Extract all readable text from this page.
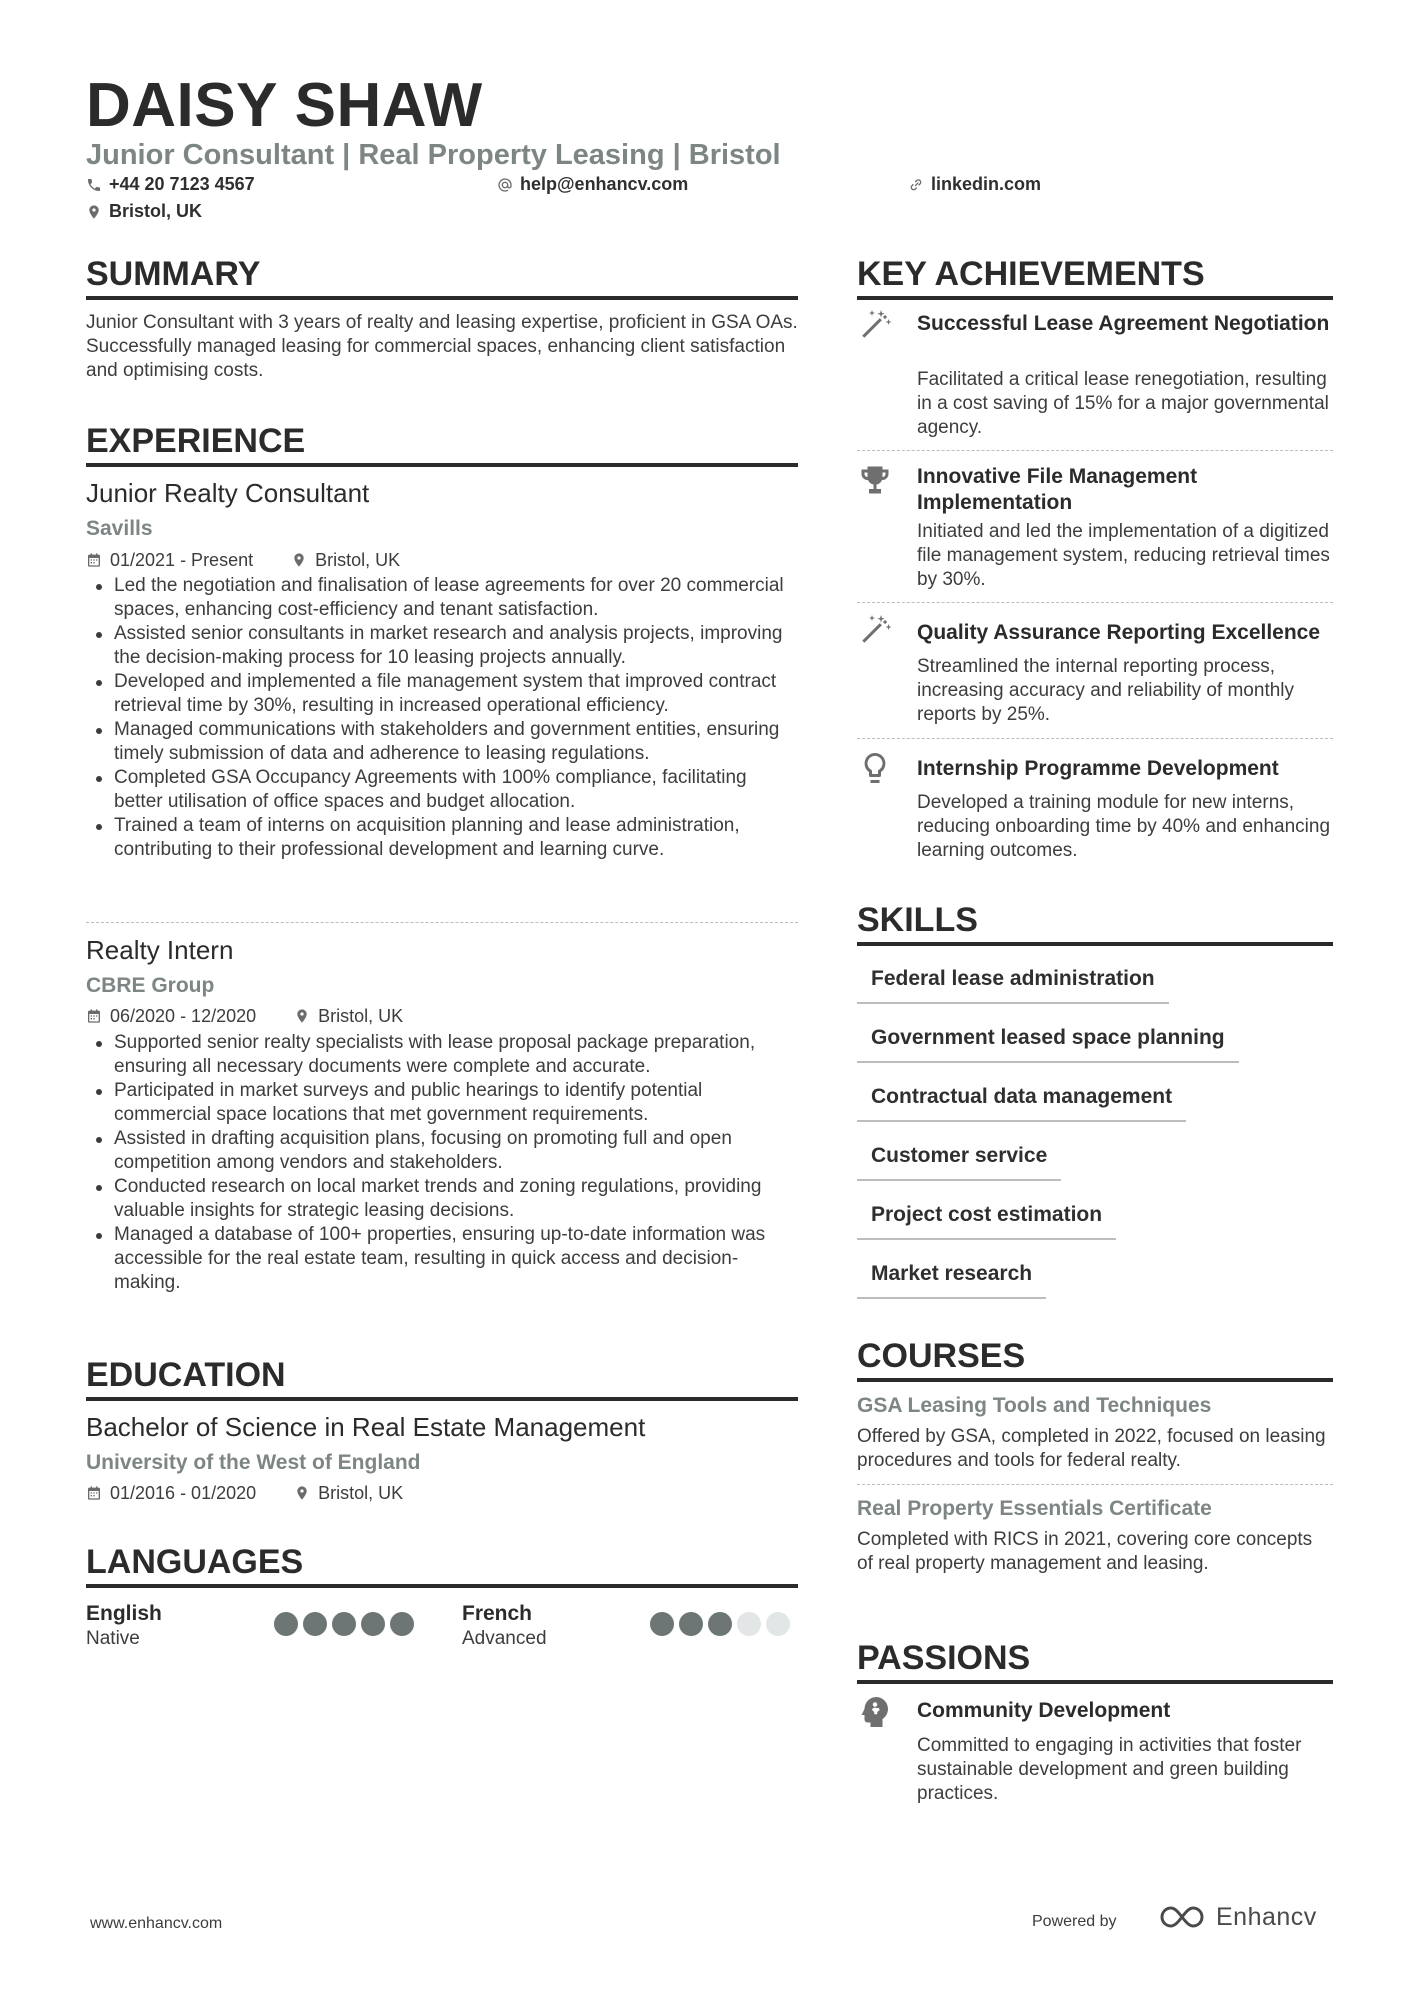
DAISY SHAW
Junior Consultant | Real Property Leasing | Bristol
+44 20 7123 4567	help@enhancv.com	linkedin.com
Bristol, UK
SUMMARY
Junior Consultant with 3 years of realty and leasing expertise, proficient in GSA OAs. Successfully managed leasing for commercial spaces, enhancing client satisfaction and optimising costs.
EXPERIENCE
Junior Realty Consultant
Savills
01/2021 - Present	Bristol, UK
Led the negotiation and finalisation of lease agreements for over 20 commercial spaces, enhancing cost-efficiency and tenant satisfaction.
Assisted senior consultants in market research and analysis projects, improving the decision-making process for 10 leasing projects annually.
Developed and implemented a file management system that improved contract retrieval time by 30%, resulting in increased operational efficiency.
Managed communications with stakeholders and government entities, ensuring timely submission of data and adherence to leasing regulations.
Completed GSA Occupancy Agreements with 100% compliance, facilitating better utilisation of office spaces and budget allocation.
Trained a team of interns on acquisition planning and lease administration, contributing to their professional development and learning curve.
Realty Intern
CBRE Group
06/2020 - 12/2020	Bristol, UK
Supported senior realty specialists with lease proposal package preparation, ensuring all necessary documents were complete and accurate.
Participated in market surveys and public hearings to identify potential commercial space locations that met government requirements.
Assisted in drafting acquisition plans, focusing on promoting full and open competition among vendors and stakeholders.
Conducted research on local market trends and zoning regulations, providing valuable insights for strategic leasing decisions.
Managed a database of 100+ properties, ensuring up-to-date information was accessible for the real estate team, resulting in quick access and decision-making.
EDUCATION
Bachelor of Science in Real Estate Management
University of the West of England
01/2016 - 01/2020	Bristol, UK
LANGUAGES
English
Native
French
Advanced
KEY ACHIEVEMENTS
Successful Lease Agreement Negotiation
Facilitated a critical lease renegotiation, resulting in a cost saving of 15% for a major governmental agency.
Innovative File Management Implementation
Initiated and led the implementation of a digitized file management system, reducing retrieval times by 30%.
Quality Assurance Reporting Excellence
Streamlined the internal reporting process, increasing accuracy and reliability of monthly reports by 25%.
Internship Programme Development
Developed a training module for new interns, reducing onboarding time by 40% and enhancing learning outcomes.
SKILLS
Federal lease administration
Government leased space planning
Contractual data management
Customer service
Project cost estimation
Market research
COURSES
GSA Leasing Tools and Techniques
Offered by GSA, completed in 2022, focused on leasing procedures and tools for federal realty.
Real Property Essentials Certificate
Completed with RICS in 2021, covering core concepts of real property management and leasing.
PASSIONS
Community Development
Committed to engaging in activities that foster sustainable development and green building practices.
www.enhancv.com	Powered by	Enhancv
